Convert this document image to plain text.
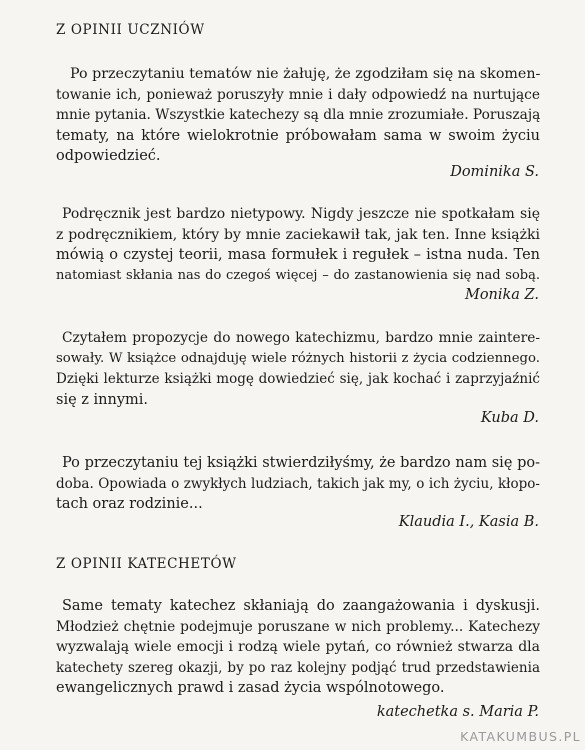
Z OPINII UCZNIÓW
Po przeczytaniu tematów nie żałuję, że zgodziłam się na skomen-
towanie ich, ponieważ poruszyły mnie i dały odpowiedź na nurtujące
mnie pytania. Wszystkie katechezy są dla mnie zrozumiałe. Poruszają
tematy, na które wielokrotnie próbowałam sama w swoim życiu
odpowiedzieć.
Dominika S.
Podręcznik jest bardzo nietypowy. Nigdy jeszcze nie spotkałam się
z podręcznikiem, który by mnie zaciekawił tak, jak ten. Inne książki
mówią o czystej teorii, masa formułek i regułek – istna nuda. Ten
natomiast skłania nas do czegoś więcej – do zastanowienia się nad sobą.
Monika Z.
Czytałem propozycje do nowego katechizmu, bardzo mnie zaintere-
sowały. W książce odnajduję wiele różnych historii z życia codziennego.
Dzięki lekturze książki mogę dowiedzieć się, jak kochać i zaprzyjaźnić
się z innymi.
Kuba D.
Po przeczytaniu tej książki stwierdziłyśmy, że bardzo nam się po-
doba. Opowiada o zwykłych ludziach, takich jak my, o ich życiu, kłopo-
tach oraz rodzinie...
Klaudia I., Kasia B.
Z OPINII KATECHETÓW
Same tematy katechez skłaniają do zaangażowania i dyskusji.
Młodzież chętnie podejmuje poruszane w nich problemy... Katechezy
wyzwalają wiele emocji i rodzą wiele pytań, co również stwarza dla
katechety szereg okazji, by po raz kolejny podjąć trud przedstawienia
ewangelicznych prawd i zasad życia wspólnotowego.
katechetka s. Maria P.

KATAKUMBUS.PL
